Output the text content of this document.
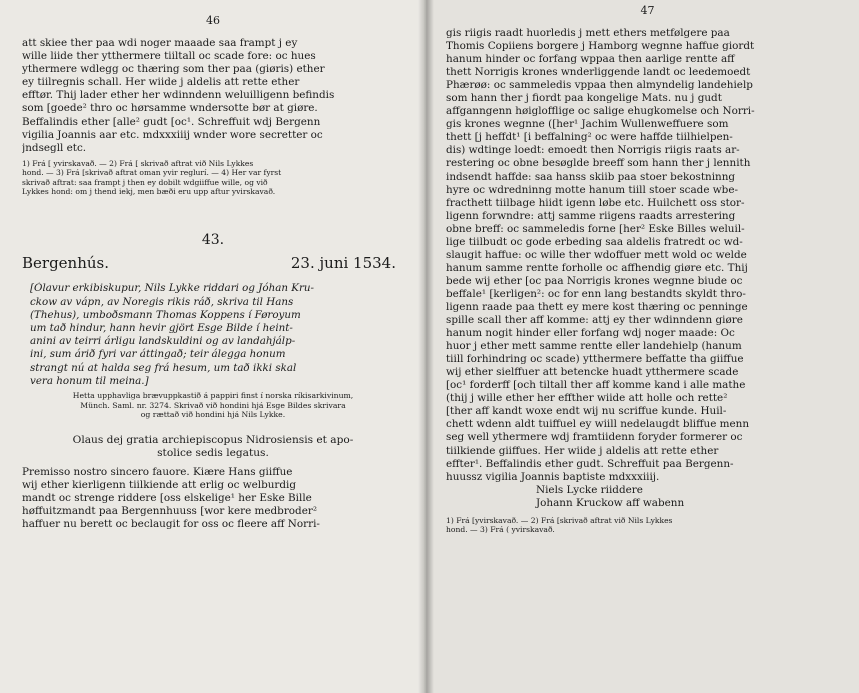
46
att skiee ther paa wdi noger maaade saa frampt j ey
wille liide ther ytthermere tiiltall oc scade fore: oc hues
ythermere wdlegg oc thæring som ther paa (giøris) ether
ey tiilregnis schall. Her wiide j aldelis att rette ether
efftør. Thij lader ether her wdinndenn weluilligenn befindis
som [goede² thro oc hørsamme wndersotte bør at giøre.
Beffalindis ether [alle² gudt [oc¹. Schreffuit wdj Bergenn
vigilia Joannis aar etc. mdxxxiiij wnder wore secretter oc
jndsegll etc.
1) Frá [ yvirskavað. — 2) Frá [ skrivað aftrat við Nils Lykkes
hond. — 3) Frá [skrivað aftrat oman yvir reglurí. — 4) Her var fyrst
skrivað aftrat: saa frampt j then ey dobilt wdgiiffue wille, og við
Lykkes hond: om j thend iekj, men bæði eru upp aftur yvirskavað.
43.
Bergenhús.	23. juni 1534.
[Ólavur erkibiskupur, Nils Lykke riddari og Jóhan Kru-
ckow av vápn, av Noregis rikis ráð, skriva til Hans
(Thehus), umboðsmann Thomas Koppens í Føroyum
um tað hindur, hann hevir gjört Esge Bilde í heint-
anini av teirri árligu landskuldini og av landahjálp-
ini, sum árið fyri var áttingað; teir álegga honum
strangt nú at halda seg frá hesum, um tað ikki skal
vera honum til meina.]
Hetta upphavliga brævuppkastið á pappiri finst í norska ríkisarkivinum,
Münch. Saml. nr. 3274. Skrivað við hondini hjá Esge Bildes skrivara
og rættað við hondini hjá Nils Lykke.
Olaus dej gratia archiepiscopus Nidrosiensis et apo-
stolice sedis legatus.
Premisso nostro sincero fauore. Kiære Hans giiffue
wij ether kierligenn tiilkiende att erlig oc welburdig
mandt oc strenge riddere [oss elskelige¹ her Eske Bille
høffuitzmandt paa Bergennhuuss [wor kere medbroder²
haffuer nu berett oc beclaugit for oss oc fleere aff Norri-
47
gis riigis raadt huorledis j mett ethers metfølgere paa
Thomis Copiiens borgere j Hamborg wegnne haffue giordt
hanum hinder oc forfang wppaa then aarlige rentte aff
thett Norrigis krones wnderliggende landt oc leedemoedt
Phærøø: oc sammeledis vppaa then almyndelig landehielp
som hann ther j fiordt paa kongelige Mats. nu j gudt
affganngenn høiglofflige oc salige ehugkomelse och Norri-
gis krones wegnne ([her¹ Jachim Wullenweffuere som
thett [j heffdt¹ [i beffalning² oc were haffde tiilhielpen-
dis) wdtinge loedt: emoedt then Norrigis riigis raats ar-
restering oc obne besøglde breeff som hann ther j lennith
indsendt haffde: saa hanss skiib paa stoer bekostninng
hyre oc wdredninng motte hanum tiill stoer scade wbe-
fracthett tiilbage hiidt igenn løbe etc. Huilchett oss stor-
ligenn forwndre: attj samme riigens raadts arrestering
obne breff: oc sammeledis forne [her² Eske Billes weluil-
lige tiilbudt oc gode erbeding saa aldelis fratredt oc wd-
slaugit haffue: oc wille ther wdoffuer mett wold oc welde
hanum samme rentte forholle oc affhendig giøre etc. Thij
bede wij ether [oc paa Norrigis krones wegnne biude oc
beffale¹ [kerligen²: oc for enn lang bestandts skyldt thro-
ligenn raade paa thett ey mere kost thæring oc penninge
spille scall ther aff komme: attj ey ther wdinndenn giøre
hanum nogit hinder eller forfang wdj noger maade: Oc
huor j ether mett samme rentte eller landehielp (hanum
tiill forhindring oc scade) ytthermere beffatte tha giiffue
wij ether sielffuer att betencke huadt ytthermere scade
[oc¹ forderff [och tiltall ther aff komme kand i alle mathe
(thij j wille ether her effther wiide att holle och rette²
[ther aff kandt woxe endt wij nu scriffue kunde. Huil-
chett wdenn aldt tuiffuel ey wiill nedelaugdt bliffue menn
seg well ythermere wdj framtiidenn foryder formerer oc
tiilkiende giiffues. Her wiide j aldelis att rette ether
effter¹. Beffalindis ether gudt. Schreffuit paa Bergenn-
huussz vigilia Joannis baptiste mdxxxiiij.
Niels Lycke riiddere
Johann Kruckow aff wabenn
1) Frá [yvirskavað. — 2) Frá [skrivað aftrat við Nils Lykkes
hond. — 3) Frá ( yvirskavað.
